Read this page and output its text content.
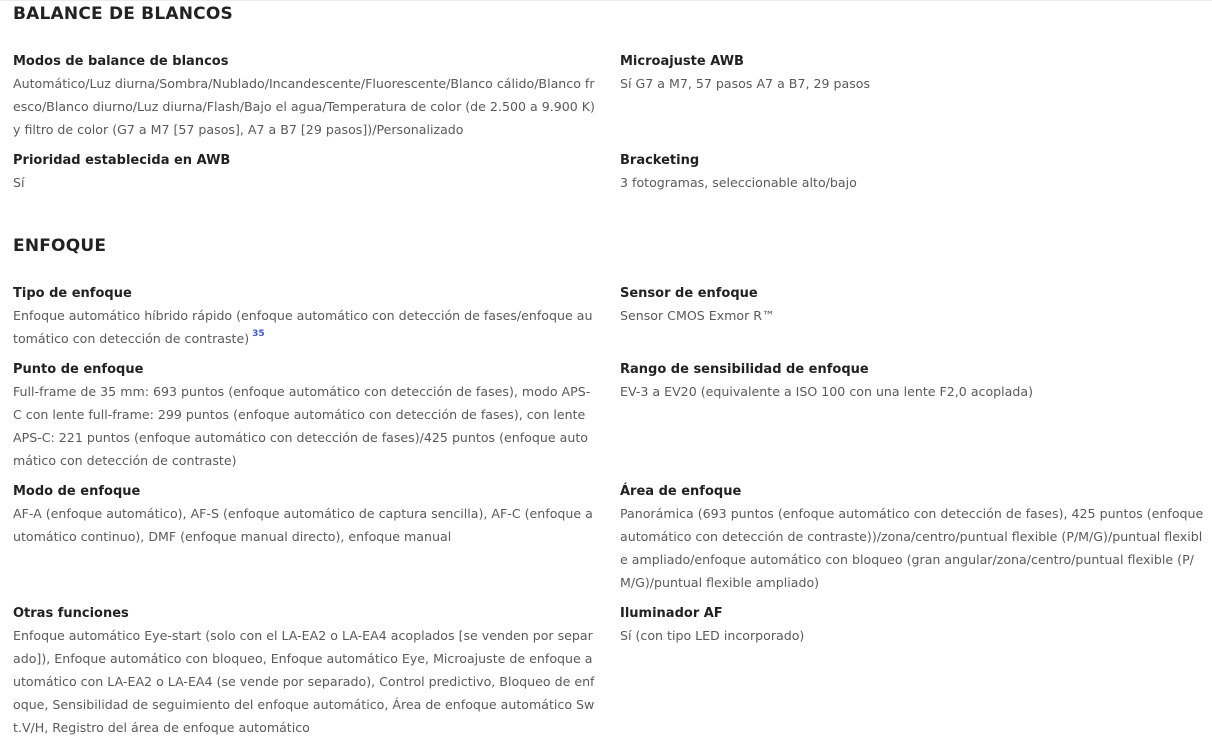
BALANCE DE BLANCOS
Modos de balance de blancos
Automático/Luz diurna/Sombra/Nublado/Incandescente/Fluorescente/Blanco cálido/Blanco fresco/Blanco diurno/Luz diurna/Flash/Bajo el agua/Temperatura de color (de 2.500 a 9.900 K) y filtro de color (G7 a M7 [57 pasos], A7 a B7 [29 pasos])/Personalizado
Microajuste AWB
Sí G7 a M7, 57 pasos A7 a B7, 29 pasos
Prioridad establecida en AWB
Sí
Bracketing
3 fotogramas, seleccionable alto/bajo
ENFOQUE
Tipo de enfoque
Enfoque automático híbrido rápido (enfoque automático con detección de fases/enfoque automático con detección de contraste) $^{35}$
Sensor de enfoque
Sensor CMOS Exmor R™
Punto de enfoque
Full-frame de 35 mm: 693 puntos (enfoque automático con detección de fases), modo APS-C con lente full-frame: 299 puntos (enfoque automático con detección de fases), con lente APS-C: 221 puntos (enfoque automático con detección de fases)/425 puntos (enfoque automático con detección de contraste)
Rango de sensibilidad de enfoque
EV-3 a EV20 (equivalente a ISO 100 con una lente F2,0 acoplada)
Modo de enfoque
AF-A (enfoque automático), AF-S (enfoque automático de captura sencilla), AF-C (enfoque automático continuo), DMF (enfoque manual directo), enfoque manual
Área de enfoque
Panorámica (693 puntos (enfoque automático con detección de fases), 425 puntos (enfoque automático con detección de contraste))/zona/centro/puntual flexible (P/M/G)/puntual flexible ampliado/enfoque automático con bloqueo (gran angular/zona/centro/puntual flexible (P/M/G)/puntual flexible ampliado)
Otras funciones
Enfoque automático Eye-start (solo con el LA-EA2 o LA-EA4 acoplados [se venden por separado]), Enfoque automático con bloqueo, Enfoque automático Eye, Microajuste de enfoque automático con LA-EA2 o LA-EA4 (se vende por separado), Control predictivo, Bloqueo de enfoque, Sensibilidad de seguimiento del enfoque automático, Área de enfoque automático Swt.V/H, Registro del área de enfoque automático
Iluminador AF
Sí (con tipo LED incorporado)
